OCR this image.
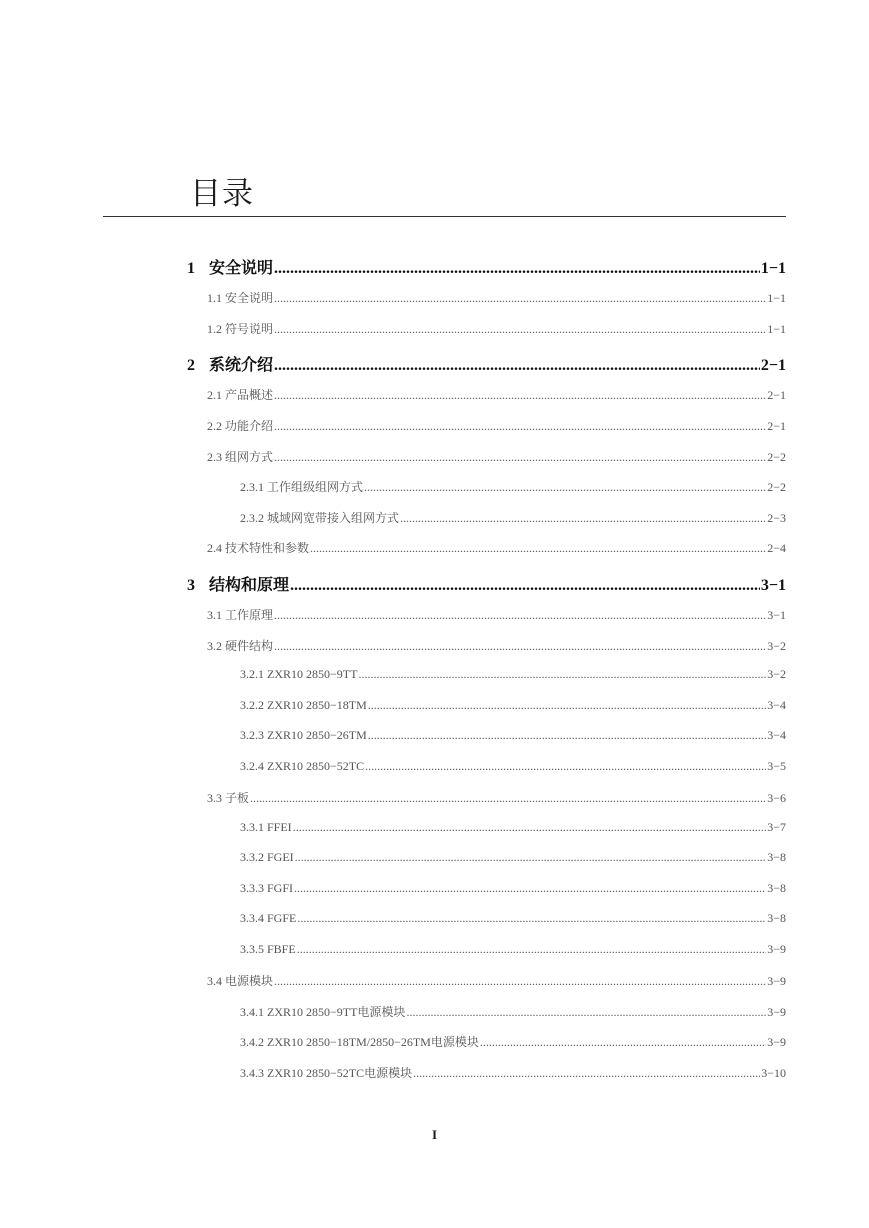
目录
1 安全说明 .....	1−1
1.1 安全说明 .....	1−1
1.2 符号说明 .....	1−1
2 系统介绍 .....	2−1
2.1 产品概述 .....	2−1
2.2 功能介绍 .....	2−1
2.3 组网方式 .....	2−2
2.3.1 工作组级组网方式 .....	2−2
2.3.2 城域网宽带接入组网方式 .....	2−3
2.4 技术特性和参数 .....	2−4
3 结构和原理 .....	3−1
3.1 工作原理 .....	3−1
3.2 硬件结构 .....	3−2
3.2.1 ZXR10 2850−9TT .....	3−2
3.2.2 ZXR10 2850−18TM .....	3−4
3.2.3 ZXR10 2850−26TM .....	3−4
3.2.4 ZXR10 2850−52TC .....	3−5
3.3 子板 .....	3−6
3.3.1 FFEI .....	3−7
3.3.2 FGEI .....	3−8
3.3.3 FGFI .....	3−8
3.3.4 FGFE .....	3−8
3.3.5 FBFE .....	3−9
3.4 电源模块 .....	3−9
3.4.1 ZXR10 2850−9TT电源模块 .....	3−9
3.4.2 ZXR10 2850−18TM/2850−26TM电源模块 .....	3−9
3.4.3 ZXR10 2850−52TC电源模块 .....	3−10
I
